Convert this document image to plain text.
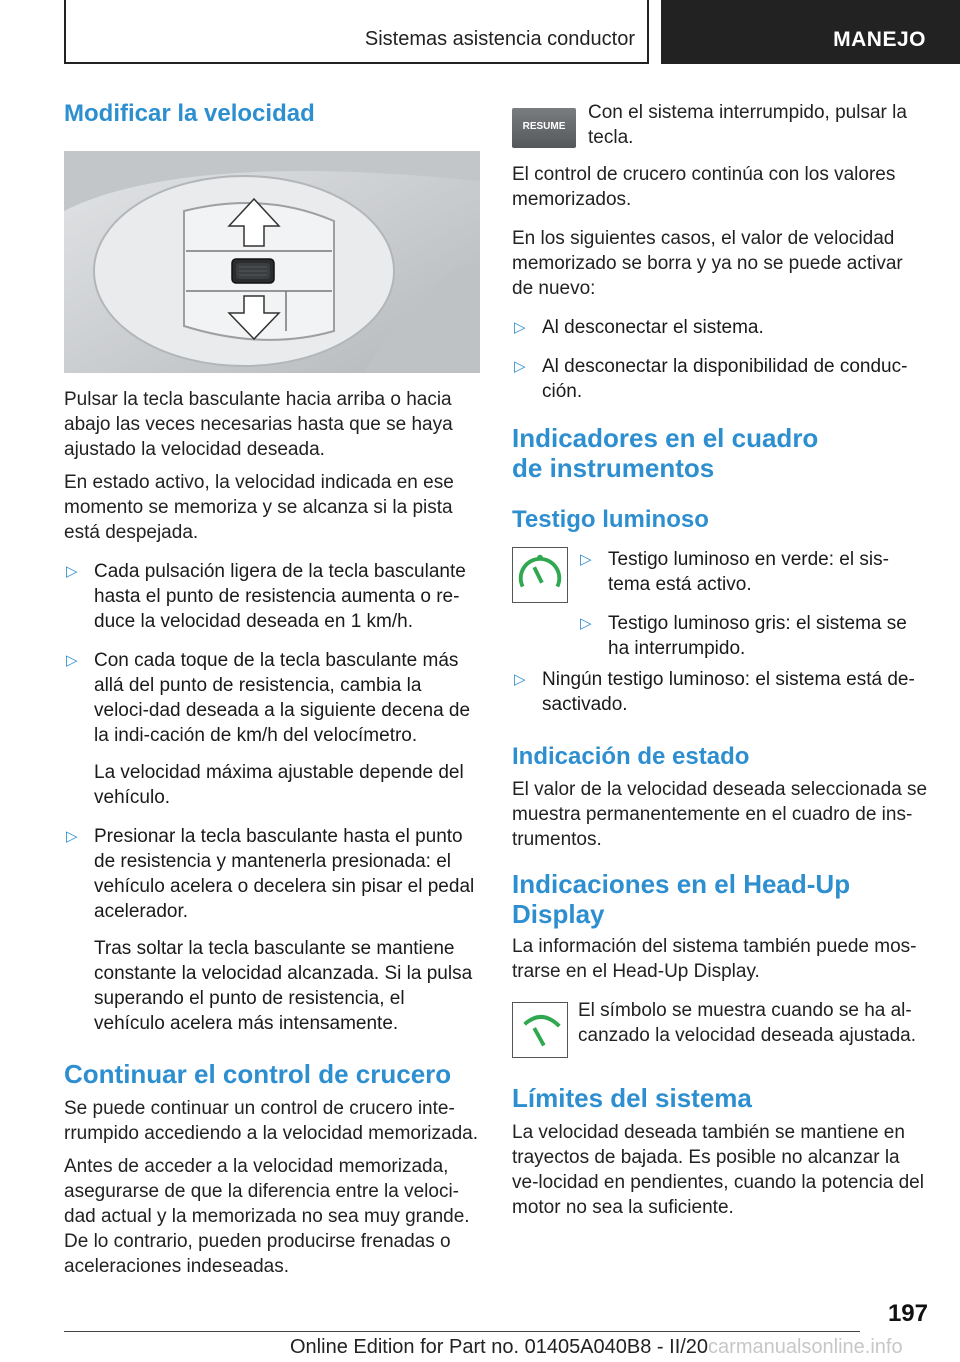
Sistemas asistencia conductor	MANEJO
Modificar la velocidad

Pulsar la tecla basculante hacia arriba o hacia abajo las veces necesarias hasta que se haya ajustado la velocidad deseada.

En estado activo, la velocidad indicada en ese momento se memoriza y se alcanza si la pista está despejada.

▷ Cada pulsación ligera de la tecla basculante hasta el punto de resistencia aumenta o re-duce la velocidad deseada en 1 km/h.
▷ Con cada toque de la tecla basculante más allá del punto de resistencia, cambia la veloci-dad deseada a la siguiente decena de la indi-cación de km/h del velocímetro.

La velocidad máxima ajustable depende del vehículo.

▷ Presionar la tecla basculante hasta el punto de resistencia y mantenerla presionada: el vehículo acelera o decelera sin pisar el pedal acelerador.

Tras soltar la tecla basculante se mantiene constante la velocidad alcanzada. Si la pulsa superando el punto de resistencia, el vehículo acelera más intensamente.

Continuar el control de crucero

Se puede continuar un control de crucero inte-rrumpido accediendo a la velocidad memorizada.

Antes de acceder a la velocidad memorizada, asegurarse de que la diferencia entre la veloci-dad actual y la memorizada no sea muy grande. De lo contrario, pueden producirse frenadas o aceleraciones indeseadas.

RESUME

Con el sistema interrumpido, pulsar la tecla.

El control de crucero continúa con los valores memorizados.

En los siguientes casos, el valor de velocidad memorizado se borra y ya no se puede activar de nuevo:

▷ Al desconectar el sistema.
▷ Al desconectar la disponibilidad de conduc-ción.
Indicadores en el cuadro de instrumentos
Testigo luminoso
▷ Testigo luminoso en verde: el sis-tema está activo.
▷ Testigo luminoso gris: el sistema se ha interrumpido.
▷ Ningún testigo luminoso: el sistema está de-sactivado.
Indicación de estado

El valor de la velocidad deseada seleccionada se muestra permanentemente en el cuadro de ins-trumentos.

Indicaciones en el Head-Up Display

La información del sistema también puede mos-trarse en el Head-Up Display.

El símbolo se muestra cuando se ha al-canzado la velocidad deseada ajustada.

Límites del sistema

La velocidad deseada también se mantiene en trayectos de bajada. Es posible no alcanzar la ve-locidad en pendientes, cuando la potencia del motor no sea la suficiente.

197
Online Edition for Part no. 01405A040B8 - II/20carmanualsonline.info
